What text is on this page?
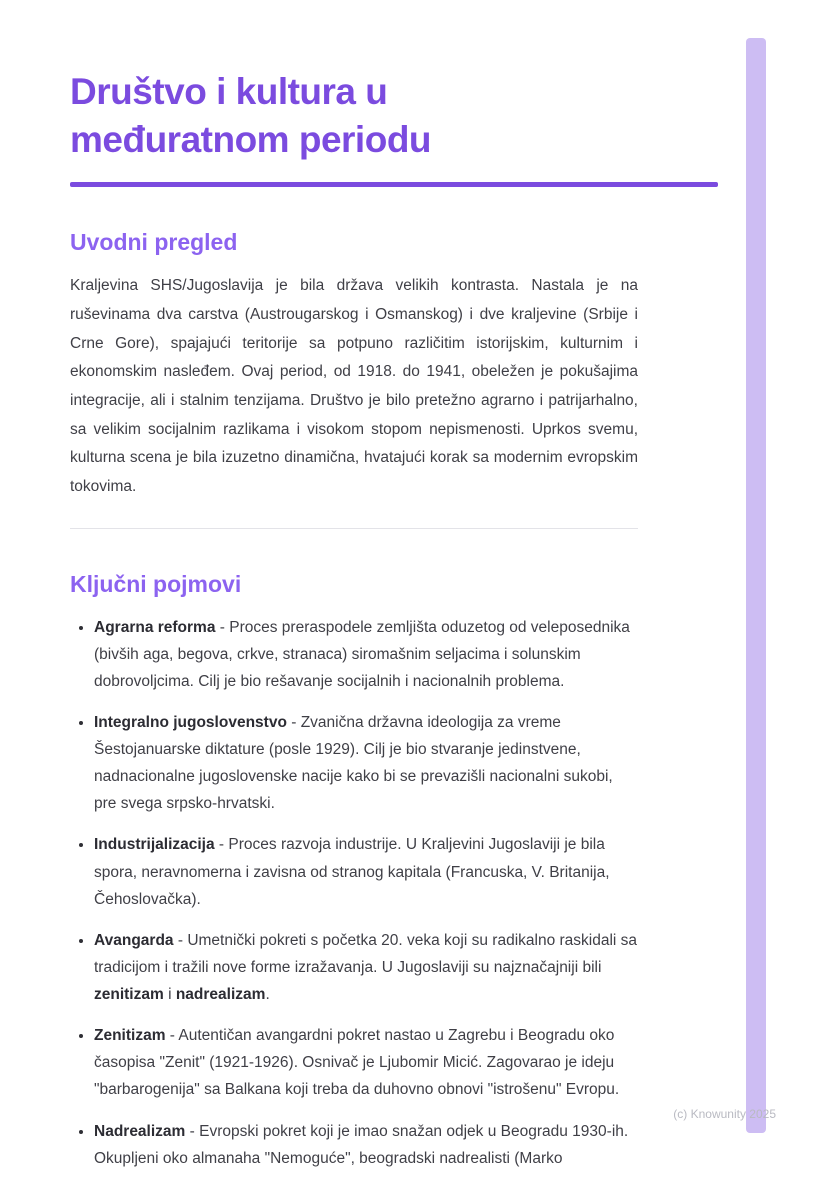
Društvo i kultura u međuratnom periodu
Uvodni pregled

Kraljevina SHS/Jugoslavija je bila država velikih kontrasta. Nastala je na ruševinama dva carstva (Austrougarskog i Osmanskog) i dve kraljevine (Srbije i Crne Gore), spajajući teritorije sa potpuno različitim istorijskim, kulturnim i ekonomskim nasleđem. Ovaj period, od 1918. do 1941, obeležen je pokušajima integracije, ali i stalnim tenzijama. Društvo je bilo pretežno agrarno i patrijarhalno, sa velikim socijalnim razlikama i visokom stopom nepismenosti. Uprkos svemu, kulturna scena je bila izuzetno dinamična, hvatajući korak sa modernim evropskim tokovima.

Ključni pojmovi
• Agrarna reforma - Proces preraspodele zemljišta oduzetog od veleposednika (bivših aga, begova, crkve, stranaca) siromašnim seljacima i solunskim dobrovoljcima. Cilj je bio rešavanje socijalnih i nacionalnih problema.
• Integralno jugoslovenstvo - Zvanična državna ideologija za vreme Šestojanuarske diktature (posle 1929). Cilj je bio stvaranje jedinstvene, nadnacionalne jugoslovenske nacije kako bi se prevazišli nacionalni sukobi, pre svega srpsko-hrvatski.
• Industrijalizacija - Proces razvoja industrije. U Kraljevini Jugoslaviji je bila spora, neravnomerna i zavisna od stranog kapitala (Francuska, V. Britanija, Čehoslovačka).
• Avangarda - Umetnički pokreti s početka 20. veka koji su radikalno raskidali sa tradicijom i tražili nove forme izražavanja. U Jugoslaviji su najznačajniji bili zenitizam i nadrealizam.
• Zenitizam - Autentičan avangardni pokret nastao u Zagrebu i Beogradu oko časopisa "Zenit" (1921-1926). Osnivač je Ljubomir Micić. Zagovarao je ideju "barbarogenija" sa Balkana koji treba da duhovno obnovi "istrošenu" Evropu.
• Nadrealizam - Evropski pokret koji je imao snažan odjek u Beogradu 1930-ih. Okupljeni oko almanaha "Nemoguće", beogradski nadrealisti (Marko
(c) Knowunity 2025
